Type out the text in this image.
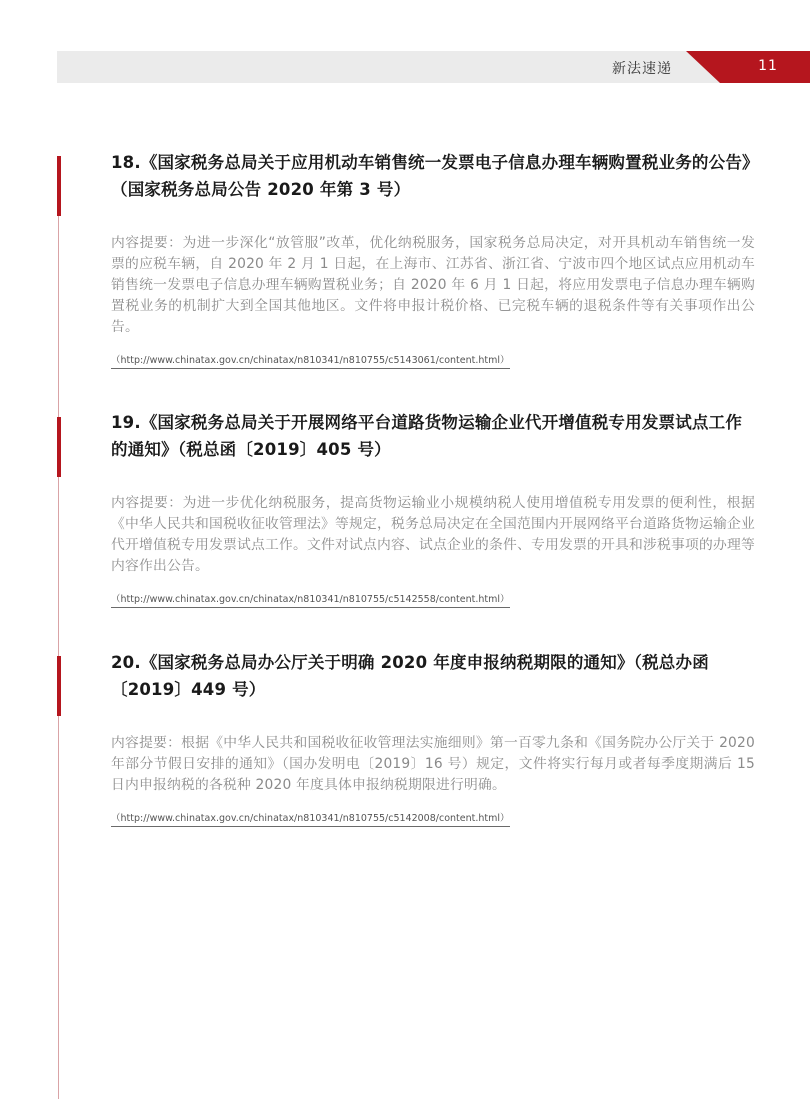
新法速递	11
18.《国家税务总局关于应用机动车销售统一发票电子信息办理车辆购置税业务的公告》（国家税务总局公告 2020 年第 3 号）

内容提要：为进一步深化“放管服”改革，优化纳税服务，国家税务总局决定，对开具机动车销售统一发票的应税车辆，自 2020 年 2 月 1 日起，在上海市、江苏省、浙江省、宁波市四个地区试点应用机动车销售统一发票电子信息办理车辆购置税业务；自 2020 年 6 月 1 日起，将应用发票电子信息办理车辆购置税业务的机制扩大到全国其他地区。文件将申报计税价格、已完税车辆的退税条件等有关事项作出公告。

（http://www.chinatax.gov.cn/chinatax/n810341/n810755/c5143061/content.html）
19.《国家税务总局关于开展网络平台道路货物运输企业代开增值税专用发票试点工作的通知》（税总函〔2019〕405 号）

内容提要：为进一步优化纳税服务，提高货物运输业小规模纳税人使用增值税专用发票的便利性，根据《中华人民共和国税收征收管理法》等规定，税务总局决定在全国范围内开展网络平台道路货物运输企业代开增值税专用发票试点工作。文件对试点内容、试点企业的条件、专用发票的开具和涉税事项的办理等内容作出公告。

（http://www.chinatax.gov.cn/chinatax/n810341/n810755/c5142558/content.html）
20.《国家税务总局办公厅关于明确 2020 年度申报纳税期限的通知》（税总办函〔2019〕449 号）

内容提要：根据《中华人民共和国税收征收管理法实施细则》第一百零九条和《国务院办公厅关于 2020 年部分节假日安排的通知》（国办发明电〔2019〕16 号）规定，文件将实行每月或者每季度期满后 15 日内申报纳税的各税种 2020 年度具体申报纳税期限进行明确。

（http://www.chinatax.gov.cn/chinatax/n810341/n810755/c5142008/content.html）
